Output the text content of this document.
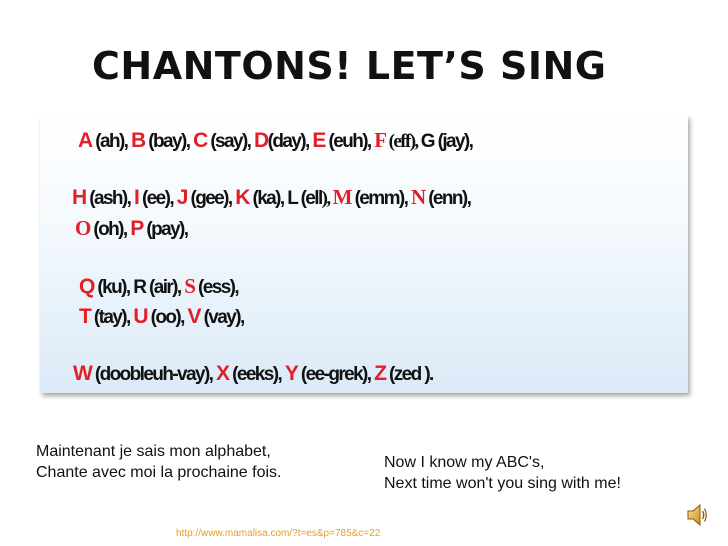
CHANTONS! LET’S SING
A (ah), B (bay), C (say), D(day), E (euh), F (eff), G (jay),
H (ash), I (ee), J (gee), K (ka), L (ell), M (emm), N (enn),
O (oh), P (pay),
Q (ku), R (air), S (ess),
T (tay), U (oo), V (vay),
W (doobleuh-vay), X (eeks), Y (ee-grek), Z (zed ).
Maintenant je sais mon alphabet,
Chante avec moi la prochaine fois.
Now I know my ABC's,
Next time won't you sing with me!
http://www.mamalisa.com/?t=es&p=785&c=22
